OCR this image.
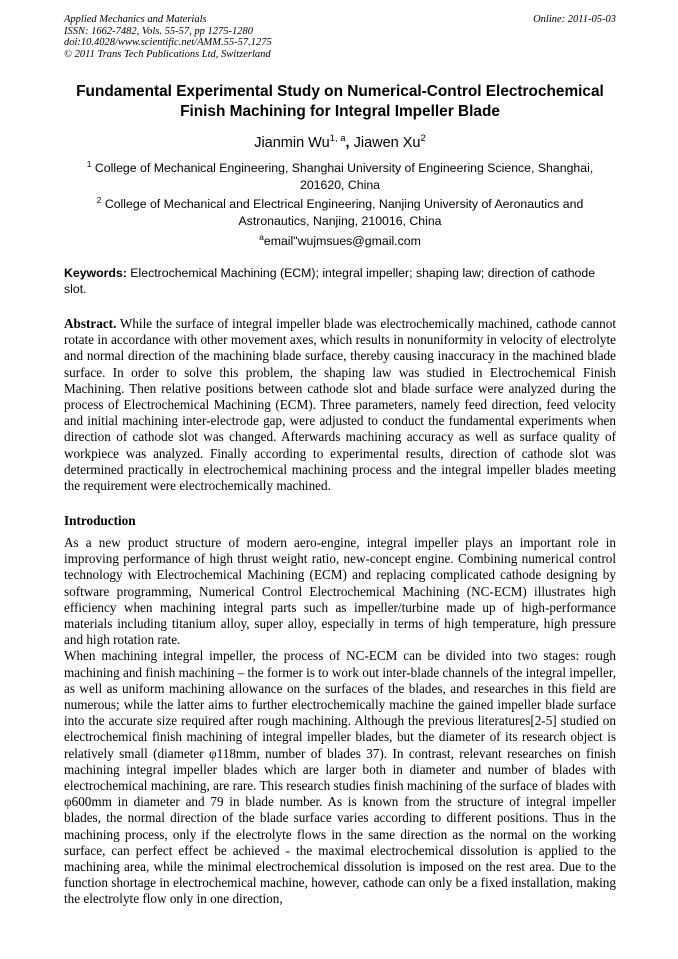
Applied Mechanics and Materials
ISSN: 1662-7482, Vols. 55-57, pp 1275-1280
doi:10.4028/www.scientific.net/AMM.55-57.1275
© 2011 Trans Tech Publications Ltd, Switzerland
Online: 2011-05-03
Fundamental Experimental Study on Numerical-Control Electrochemical Finish Machining for Integral Impeller Blade
Jianmin Wu$^{1, a}$, Jiawen Xu$^2$
$^1$ College of Mechanical Engineering, Shanghai University of Engineering Science, Shanghai, 201620, China
$^2$ College of Mechanical and Electrical Engineering, Nanjing University of Aeronautics and Astronautics, Nanjing, 210016, China
$^a$email"wujmsues@gmail.com
Keywords: Electrochemical Machining (ECM); integral impeller; shaping law; direction of cathode slot.
Abstract. While the surface of integral impeller blade was electrochemically machined, cathode cannot rotate in accordance with other movement axes, which results in nonuniformity in velocity of electrolyte and normal direction of the machining blade surface, thereby causing inaccuracy in the machined blade surface. In order to solve this problem, the shaping law was studied in Electrochemical Finish Machining. Then relative positions between cathode slot and blade surface were analyzed during the process of Electrochemical Machining (ECM). Three parameters, namely feed direction, feed velocity and initial machining inter-electrode gap, were adjusted to conduct the fundamental experiments when direction of cathode slot was changed. Afterwards machining accuracy as well as surface quality of workpiece was analyzed. Finally according to experimental results, direction of cathode slot was determined practically in electrochemical machining process and the integral impeller blades meeting the requirement were electrochemically machined.
Introduction

As a new product structure of modern aero-engine, integral impeller plays an important role in improving performance of high thrust weight ratio, new-concept engine. Combining numerical control technology with Electrochemical Machining (ECM) and replacing complicated cathode designing by software programming, Numerical Control Electrochemical Machining (NC-ECM) illustrates high efficiency when machining integral parts such as impeller/turbine made up of high-performance materials including titanium alloy, super alloy, especially in terms of high temperature, high pressure and high rotation rate.

When machining integral impeller, the process of NC-ECM can be divided into two stages: rough machining and finish machining – the former is to work out inter-blade channels of the integral impeller, as well as uniform machining allowance on the surfaces of the blades, and researches in this field are numerous; while the latter aims to further electrochemically machine the gained impeller blade surface into the accurate size required after rough machining. Although the previous literatures[2-5] studied on electrochemical finish machining of integral impeller blades, but the diameter of its research object is relatively small (diameter φ118mm, number of blades 37). In contrast, relevant researches on finish machining integral impeller blades which are larger both in diameter and number of blades with electrochemical machining, are rare. This research studies finish machining of the surface of blades with φ600mm in diameter and 79 in blade number. As is known from the structure of integral impeller blades, the normal direction of the blade surface varies according to different positions. Thus in the machining process, only if the electrolyte flows in the same direction as the normal on the working surface, can perfect effect be achieved - the maximal electrochemical dissolution is applied to the machining area, while the minimal electrochemical dissolution is imposed on the rest area. Due to the function shortage in electrochemical machine, however, cathode can only be a fixed installation, making the electrolyte flow only in one direction,
